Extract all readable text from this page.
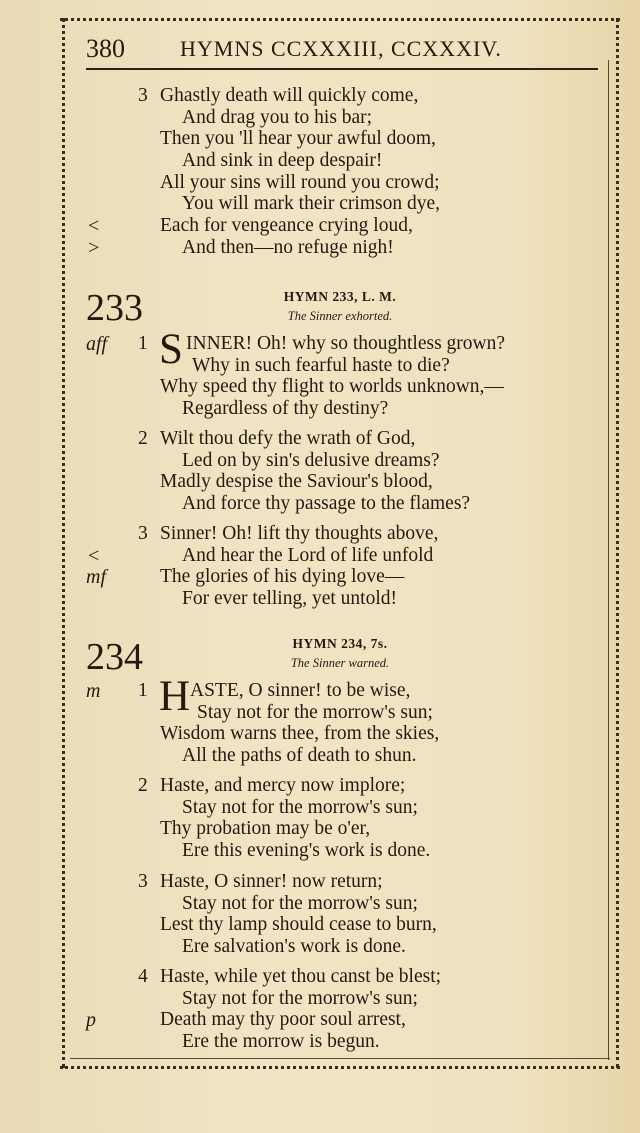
380	HYMNS CCXXXIII, CCXXXIV.
3 Ghastly death will quickly come,
And drag you to his bar;
Then you 'll hear your awful doom,
And sink in deep despair!
All your sins will round you crowd;
You will mark their crimson dye,
<	Each for vengeance crying loud,
>	And then—no refuge nigh!
233	HYMN 233, L. M.
The Sinner exhorted.
aff 1 S INNER! Oh! why so thoughtless grown?
Why in such fearful haste to die?
Why speed thy flight to worlds unknown,—
Regardless of thy destiny?
2 Wilt thou defy the wrath of God,
Led on by sin's delusive dreams?
Madly despise the Saviour's blood,
And force thy passage to the flames?
3 Sinner! Oh! lift thy thoughts above,
<	And hear the Lord of life unfold
mf	The glories of his dying love—
For ever telling, yet untold!
234	HYMN 234, 7s.
The Sinner warned.
m 1 H ASTE, O sinner! to be wise,
Stay not for the morrow's sun;
Wisdom warns thee, from the skies,
All the paths of death to shun.
2 Haste, and mercy now implore;
Stay not for the morrow's sun;
Thy probation may be o'er,
Ere this evening's work is done.
3 Haste, O sinner! now return;
Stay not for the morrow's sun;
Lest thy lamp should cease to burn,
Ere salvation's work is done.
4 Haste, while yet thou canst be blest;
Stay not for the morrow's sun;
p	Death may thy poor soul arrest,
Ere the morrow is begun.
